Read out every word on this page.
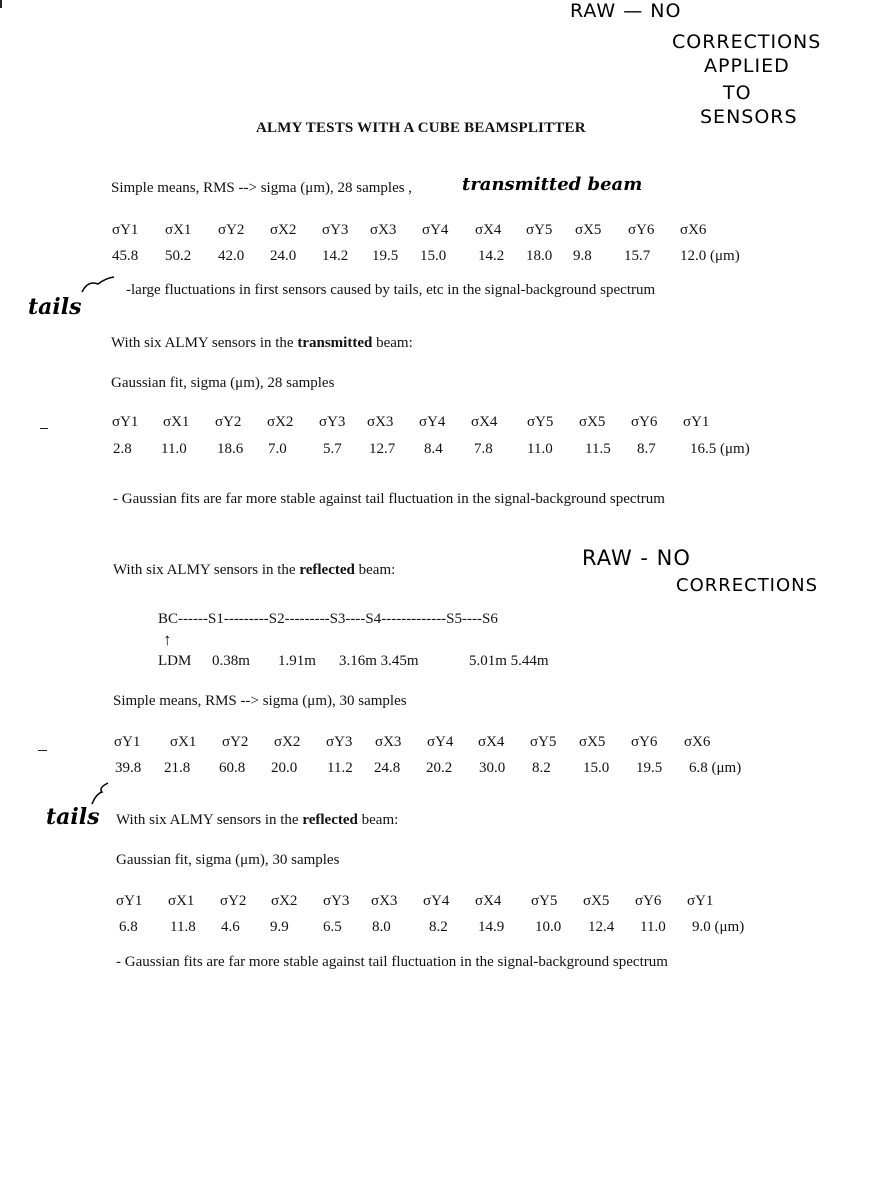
RAW — NO
CORRECTIONS
APPLIED
TO
SENSORS
ALMY TESTS WITH A CUBE BEAMSPLITTER
Simple means, RMS --> sigma (μm), 28 samples ,	transmitted beam
σY1 σX1 σY2 σX2 σY3 σX3 σY4 σX4 σY5 σX5 σY6 σX6
45.8 50.2 42.0 24.0 14.2 19.5 15.0 14.2 18.0 9.8 15.7 12.0 (μm)
tails
-large fluctuations in first sensors caused by tails, etc in the signal-background spectrum
With six ALMY sensors in the transmitted beam:
Gaussian fit, sigma (μm), 28 samples
σY1 σX1 σY2 σX2 σY3 σX3 σY4 σX4 σY5 σX5 σY6 σY1
2.8 11.0 18.6 7.0 5.7 12.7 8.4 7.8 11.0 11.5 8.7 16.5 (μm)
- Gaussian fits are far more stable against tail fluctuation in the signal-background spectrum
With six ALMY sensors in the reflected beam:	RAW - NO
CORRECTIONS
BC------S1---------S2---------S3----S4-------------S5----S6
↑
LDM 0.38m 1.91m 3.16m 3.45m	5.01m 5.44m
Simple means, RMS --> sigma (μm), 30 samples
σY1 σX1 σY2 σX2 σY3 σX3 σY4 σX4 σY5 σX5 σY6 σX6
39.8 21.8 60.8 20.0 11.2 24.8 20.2 30.0 8.2 15.0 19.5 6.8 (μm)
tails With six ALMY sensors in the reflected beam:
Gaussian fit, sigma (μm), 30 samples
σY1 σX1 σY2 σX2 σY3 σX3 σY4 σX4 σY5 σX5 σY6 σY1
6.8 11.8 4.6 9.9 6.5 8.0	8.2 14.9 10.0 12.4 11.0 9.0 (μm)
- Gaussian fits are far more stable against tail fluctuation in the signal-background spectrum
